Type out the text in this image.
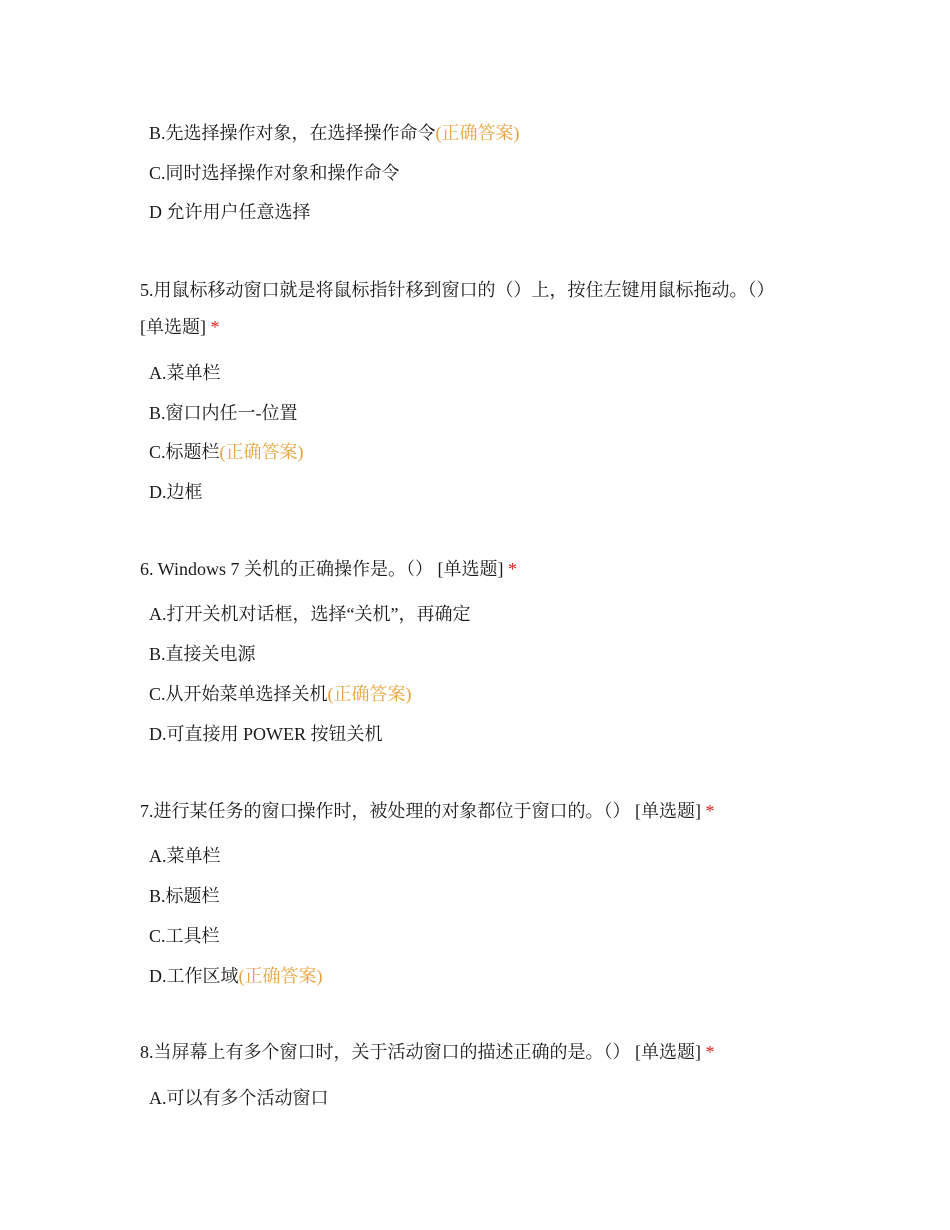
B.先选择操作对象，在选择操作命令(正确答案)
C.同时选择操作对象和操作命令
D 允许用户任意选择
5.用鼠标移动窗口就是将鼠标指针移到窗口的（）上，按住左键用鼠标拖动。（）
[单选题] *
A.菜单栏
B.窗口内任一-位置
C.标题栏(正确答案)
D.边框
6. Windows 7 关机的正确操作是。（） [单选题] *
A.打开关机对话框，选择“关机”，再确定
B.直接关电源
C.从开始菜单选择关机(正确答案)
D.可直接用 POWER 按钮关机
7.进行某任务的窗口操作时，被处理的对象都位于窗口的。（） [单选题] *
A.菜单栏
B.标题栏
C.工具栏
D.工作区域(正确答案)
8.当屏幕上有多个窗口时，关于活动窗口的描述正确的是。（） [单选题] *
A.可以有多个活动窗口
